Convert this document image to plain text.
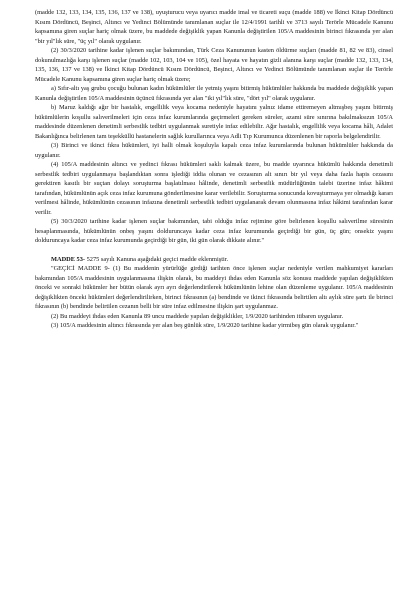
(madde 132, 133, 134, 135, 136, 137 ve 138), uyuşturucu veya uyarıcı madde imal ve ticareti suçu (madde 188) ve İkinci Kitap Dördüncü Kısım Dördüncü, Beşinci, Altıncı ve Yedinci Bölümünde tanımlanan suçlar ile 12/4/1991 tarihli ve 3713 sayılı Terörle Mücadele Kanunu kapsamına giren suçlar hariç olmak üzere, bu maddede değişiklik yapan Kanunla değiştirilen 105/A maddesinin birinci fıkrasında yer alan "bir yıl"lık süre, "üç yıl" olarak uygulanır.

(2) 30/3/2020 tarihine kadar işlenen suçlar bakımından, Türk Ceza Kanununun kasten öldürme suçları (madde 81, 82 ve 83), cinsel dokunulmazlığa karşı işlenen suçlar (madde 102, 103, 104 ve 105), özel hayata ve hayatın gizli alanına karşı suçlar (madde 132, 133, 134, 135, 136, 137 ve 138) ve İkinci Kitap Dördüncü Kısım Dördüncü, Beşinci, Altıncı ve Yedinci Bölümünde tanımlanan suçlar ile Terörle Mücadele Kanunu kapsamına giren suçlar hariç olmak üzere;

a) Sıfır-altı yaş grubu çocuğu bulunan kadın hükümlüler ile yetmiş yaşını bitirmiş hükümlüler hakkında bu maddede değişiklik yapan Kanunla değiştirilen 105/A maddesinin üçüncü fıkrasında yer alan "iki yıl"lık süre, "dört yıl" olarak uygulanır.

b) Maruz kaldığı ağır bir hastalık, engellilik veya kocama nedeniyle hayatını yalnız idame ettiremeyen altmışbeş yaşını bitirmiş hükümlülerin koşullu salıverilmeleri için ceza infaz kurumlarında geçirmeleri gereken süreler, azami süre sınırına bakılmaksızın 105/A maddesinde düzenlenen denetimli serbestlik tedbiri uygulanmak suretiyle infaz edilebilir. Ağır hastalık, engellilik veya kocama hâli, Adalet Bakanlığınca belirlenen tam teşekküllü hastanelerin sağlık kurullarınca veya Adli Tıp Kurumunca düzenlenen bir raporla belgelendirilir.

(3) Birinci ve ikinci fıkra hükümleri, iyi halli olmak koşuluyla kapalı ceza infaz kurumlarında bulunan hükümlüler hakkında da uygulanır.

(4) 105/A maddesinin altıncı ve yedinci fıkrası hükümleri saklı kalmak üzere, bu madde uyarınca hükümlü hakkında denetimli serbestlik tedbiri uygulanmaya başlandıktan sonra işlediği iddia olunan ve cezasının alt sınırı bir yıl veya daha fazla hapis cezasını gerektiren kasıtlı bir suçtan dolayı soruşturma başlatılması hâlinde, denetimli serbestlik müdürlüğünün talebi üzerine infaz hâkimi tarafından, hükümlünün açık ceza infaz kurumuna gönderilmesine karar verilebilir. Soruşturma sonucunda kovuşturmaya yer olmadığı kararı verilmesi hâlinde, hükümlünün cezasının infazına denetimli serbestlik tedbiri uygulanarak devam olunmasına infaz hâkimi tarafından karar verilir.

(5) 30/3/2020 tarihine kadar işlenen suçlar bakımından, tabi olduğu infaz rejimine göre belirlenen koşullu salıverilme süresinin hesaplanmasında, hükümlünün onbeş yaşını dolduruncaya kadar ceza infaz kurumunda geçirdiği bir gün, üç gün; onsekiz yaşını dolduruncaya kadar ceza infaz kurumunda geçirdiği bir gün, iki gün olarak dikkate alınır."

MADDE 53- 5275 sayılı Kanuna aşağıdaki geçici madde eklenmiştir.

"GEÇİCİ MADDE 9- (1) Bu maddenin yürürlüğe girdiği tarihten önce işlenen suçlar nedeniyle verilen mahkumiyet kararları bakımından 105/A maddesinin uygulanmasına ilişkin olarak, bu maddeyi ihdas eden Kanunla söz konusu maddede yapılan değişiklikten önceki ve sonraki hükümler her bütün olarak ayrı ayrı değerlendirilerek hükümlünün lehine olan düzenleme uygulanır. 105/A maddesinin değişiklikten önceki hükümleri değerlendirilirken, birinci fıkrasının (a) bendinde ve ikinci fıkrasında belirtilen altı aylık süre şartı ile birinci fıkrasının (b) bendinde belirtilen cezanın belli bir süre infaz edilmesine ilişkin şart uygulanmaz.

(2) Bu maddeyi ihdas eden Kanunla 89 uncu maddede yapılan değişiklikler, 1/9/2020 tarihinden itibaren uygulanır.

(3) 105/A maddesinin altıncı fıkrasında yer alan beş günlük süre, 1/9/2020 tarihine kadar yirmibeş gün olarak uygulanır."
